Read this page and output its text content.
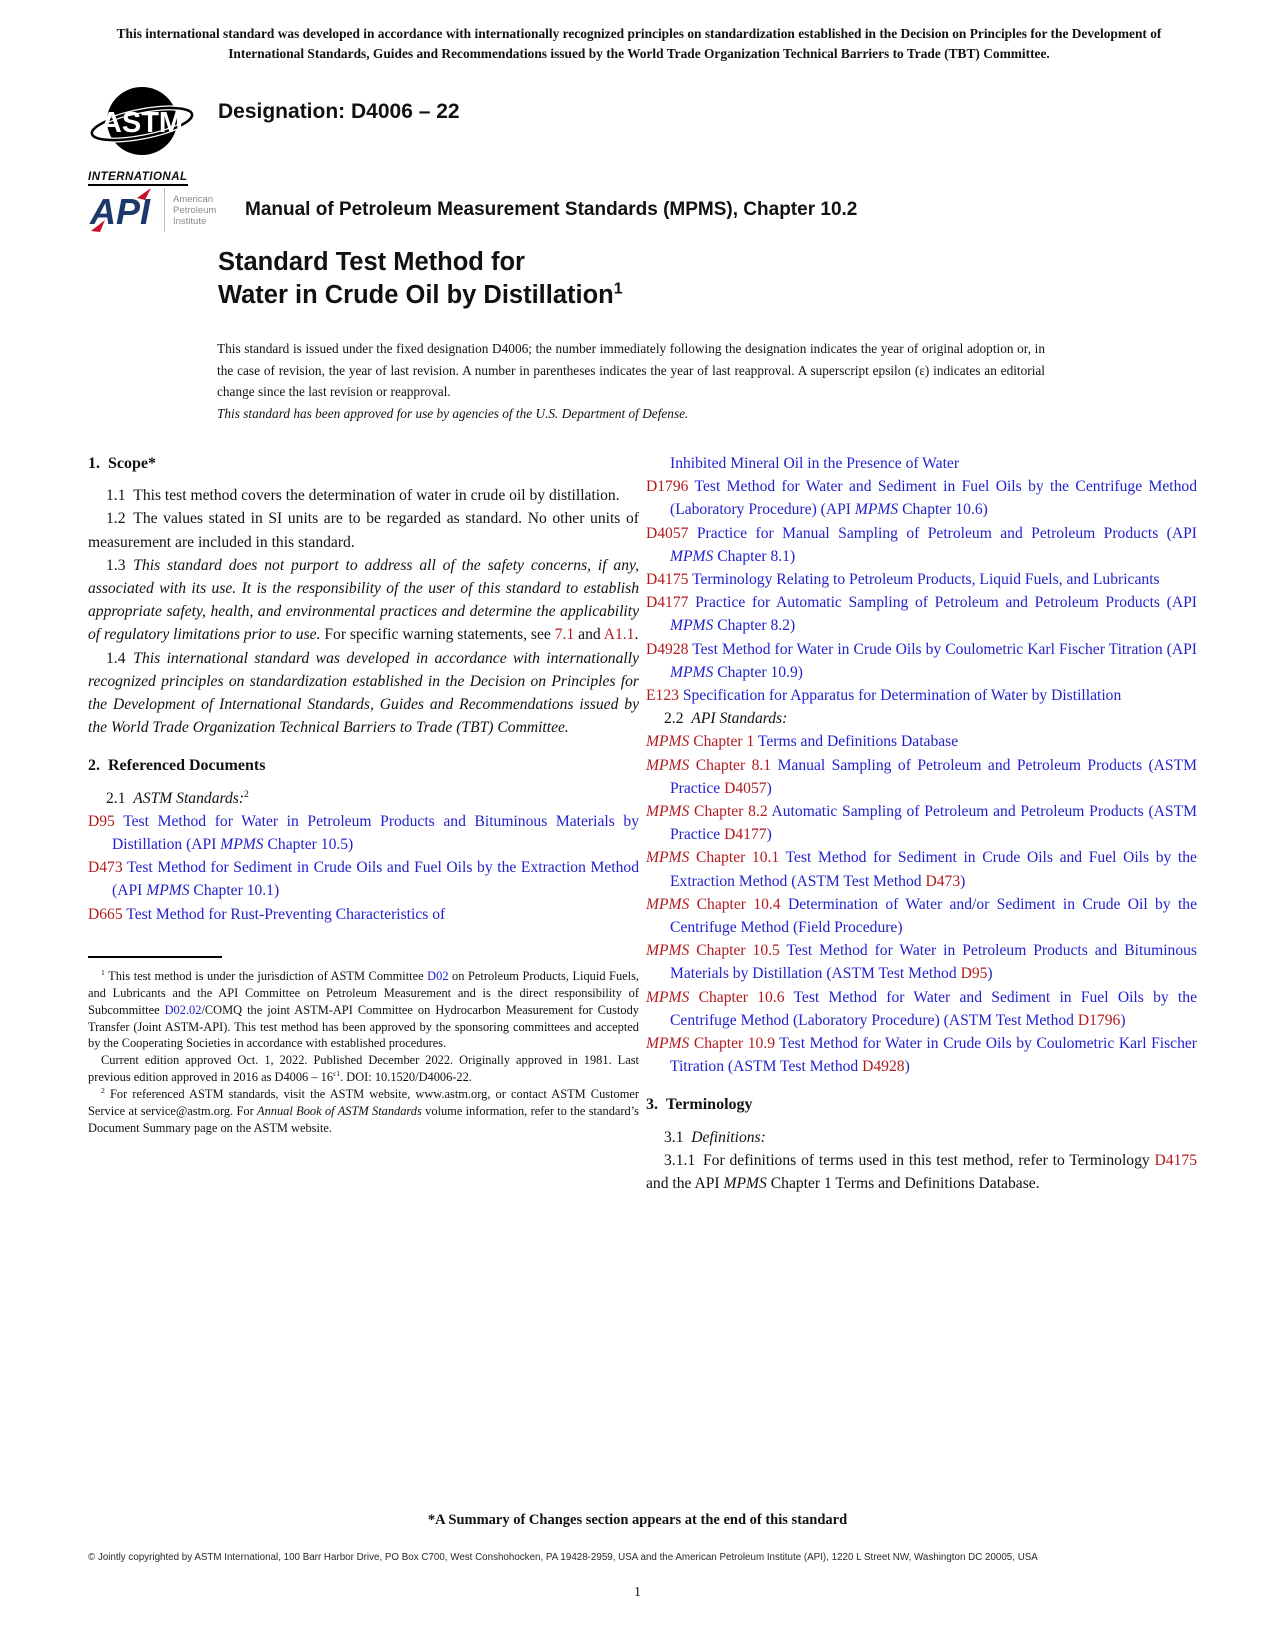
This international standard was developed in accordance with internationally recognized principles on standardization established in the Decision on Principles for the Development of International Standards, Guides and Recommendations issued by the World Trade Organization Technical Barriers to Trade (TBT) Committee.
ASTM
INTERNATIONAL
Designation: D4006 – 22
API American Petroleum Institute
Manual of Petroleum Measurement Standards (MPMS), Chapter 10.2
Standard Test Method for
Water in Crude Oil by Distillation$^1$
This standard is issued under the fixed designation D4006; the number immediately following the designation indicates the year of original adoption or, in the case of revision, the year of last revision. A number in parentheses indicates the year of last reapproval. A superscript epsilon (ε) indicates an editorial change since the last revision or reapproval.
This standard has been approved for use by agencies of the U.S. Department of Defense.
1. Scope*

1.1 This test method covers the determination of water in crude oil by distillation.

1.2 The values stated in SI units are to be regarded as standard. No other units of measurement are included in this standard.

1.3 This standard does not purport to address all of the safety concerns, if any, associated with its use. It is the responsibility of the user of this standard to establish appropriate safety, health, and environmental practices and determine the applicability of regulatory limitations prior to use. For specific warning statements, see 7.1 and A1.1.

1.4 This international standard was developed in accordance with internationally recognized principles on standardization established in the Decision on Principles for the Development of International Standards, Guides and Recommendations issued by the World Trade Organization Technical Barriers to Trade (TBT) Committee.

2. Referenced Documents

2.1 ASTM Standards:$^2$

D95 Test Method for Water in Petroleum Products and Bituminous Materials by Distillation (API MPMS Chapter 10.5)

D473 Test Method for Sediment in Crude Oils and Fuel Oils by the Extraction Method (API MPMS Chapter 10.1)

D665 Test Method for Rust-Preventing Characteristics of

$^1$ This test method is under the jurisdiction of ASTM Committee D02 on Petroleum Products, Liquid Fuels, and Lubricants and the API Committee on Petroleum Measurement and is the direct responsibility of Subcommittee D02.02/COMQ the joint ASTM-API Committee on Hydrocarbon Measurement for Custody Transfer (Joint ASTM-API). This test method has been approved by the sponsoring committees and accepted by the Cooperating Societies in accordance with established procedures.

Current edition approved Oct. 1, 2022. Published December 2022. Originally approved in 1981. Last previous edition approved in 2016 as $D4006 - 16^{\varepsilon 1}$. DOI: 10.1520/D4006-22.

$^2$ For referenced ASTM standards, visit the ASTM website, www.astm.org, or contact ASTM Customer Service at service@astm.org. For Annual Book of ASTM Standards volume information, refer to the standard’s Document Summary page on the ASTM website.

Inhibited Mineral Oil in the Presence of Water

D1796 Test Method for Water and Sediment in Fuel Oils by the Centrifuge Method (Laboratory Procedure) (API MPMS Chapter 10.6)

D4057 Practice for Manual Sampling of Petroleum and Petroleum Products (API MPMS Chapter 8.1)

D4175 Terminology Relating to Petroleum Products, Liquid Fuels, and Lubricants

D4177 Practice for Automatic Sampling of Petroleum and Petroleum Products (API MPMS Chapter 8.2)

D4928 Test Method for Water in Crude Oils by Coulometric Karl Fischer Titration (API MPMS Chapter 10.9)

E123 Specification for Apparatus for Determination of Water by Distillation

2.2 API Standards:

MPMS Chapter 1 Terms and Definitions Database

MPMS Chapter 8.1 Manual Sampling of Petroleum and Petroleum Products (ASTM Practice D4057)

MPMS Chapter 8.2 Automatic Sampling of Petroleum and Petroleum Products (ASTM Practice D4177)

MPMS Chapter 10.1 Test Method for Sediment in Crude Oils and Fuel Oils by the Extraction Method (ASTM Test Method D473)

MPMS Chapter 10.4 Determination of Water and/or Sediment in Crude Oil by the Centrifuge Method (Field Procedure)

MPMS Chapter 10.5 Test Method for Water in Petroleum Products and Bituminous Materials by Distillation (ASTM Test Method D95)

MPMS Chapter 10.6 Test Method for Water and Sediment in Fuel Oils by the Centrifuge Method (Laboratory Procedure) (ASTM Test Method D1796)

MPMS Chapter 10.9 Test Method for Water in Crude Oils by Coulometric Karl Fischer Titration (ASTM Test Method D4928)

3. Terminology

3.1 Definitions:

3.1.1 For definitions of terms used in this test method, refer to Terminology D4175 and the API MPMS Chapter 1 Terms and Definitions Database.

*A Summary of Changes section appears at the end of this standard
© Jointly copyrighted by ASTM International, 100 Barr Harbor Drive, PO Box C700, West Conshohocken, PA 19428-2959, USA and the American Petroleum Institute (API), 1220 L Street NW, Washington DC 20005, USA
1
